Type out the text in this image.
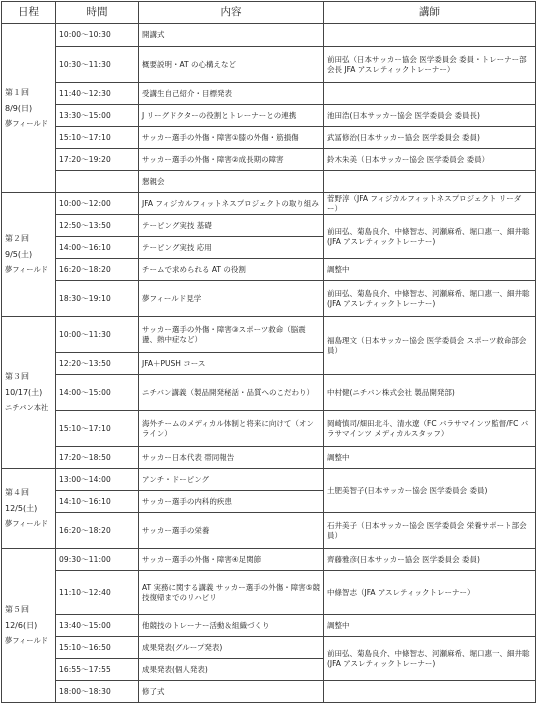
日程	時間	内容	講師

第１回
8/9(日)
夢フィールド	10:00～10:30	開講式	
	10:30～11:30	概要説明・AT の心構えなど	前田弘（日本サッカー協会 医学委員会 委員・トレーナー部会長 JFA アスレティックトレーナー）
	11:40～12:30	受講生自己紹介・目標発表	
	13:30～15:00	J リーグドクターの役割とトレーナーとの連携	池田浩(日本サッカー協会 医学委員会 委員長)
	15:10～17:10	サッカー選手の外傷・障害①膝の外傷・筋損傷	武冨修治(日本サッカー協会 医学委員会 委員)
	17:20～19:20	サッカー選手の外傷・障害②成長期の障害	鈴木朱美（日本サッカー協会 医学委員会 委員）
		懇親会	

第２回
9/5(土)
夢フィールド	10:00～12:00	JFA フィジカルフィットネスプロジェクトの取り組み	菅野淳（JFA フィジカルフィットネスプロジェクト リーダー）
	12:50～13:50	テーピング実技 基礎	前田弘、菊島良介、中條智志、河瀬麻希、堀口惠一、細井聡(JFA アスレティックトレーナー)
	14:00～16:10	テーピング実技 応用	
	16:20～18:20	チームで求められる AT の役割	調整中
	18:30～19:10	夢フィールド見学	前田弘、菊島良介、中條智志、河瀬麻希、堀口惠一、細井聡(JFA アスレティックトレーナー)

第３回
10/17(土)
ニチバン本社	10:00～11:30	サッカー選手の外傷・障害③スポーツ救命（脳震盪、熱中症など）	福島理文（日本サッカー協会 医学委員会 スポーツ救命部会員）
	12:20～13:50	JFA＋PUSH コース	
	14:00～15:00	ニチバン講義（製品開発秘話・品質へのこだわり）	中村健(ニチバン株式会社 製品開発部)
	15:10～17:10	海外チームのメディカル体制と将来に向けて（オンライン）	岡崎慎司/畑田北斗、清水遼（FC バラサマインツ監督/FC バラサマインツ メディカルスタッフ）
	17:20～18:50	サッカー日本代表 帯同報告	調整中

第４回
12/5(土)
夢フィールド	13:00～14:00	アンチ・ドーピング	土肥美智子(日本サッカー協会 医学委員会 委員)
	14:10～16:10	サッカー選手の内科的疾患	
	16:20～18:20	サッカー選手の栄養	石井美子（日本サッカー協会 医学委員会 栄養サポート部会員）

第５回
12/6(日)
夢フィールド	09:30～11:00	サッカー選手の外傷・障害④足関節	齊藤雅彦(日本サッカー協会 医学委員会 委員)
	11:10～12:40	AT 実務に関する講義 サッカー選手の外傷・障害⑤競技復帰までのリハビリ	中條智志（JFA アスレティックトレーナー）
	13:40～15:00	他競技のトレーナー活動＆組織づくり	調整中
	15:10～16:50	成果発表(グループ発表)	前田弘、菊島良介、中條智志、河瀬麻希、堀口惠一、細井聡(JFA アスレティックトレーナー)
	16:55～17:55	成果発表(個人発表)	
	18:00～18:30	修了式	
